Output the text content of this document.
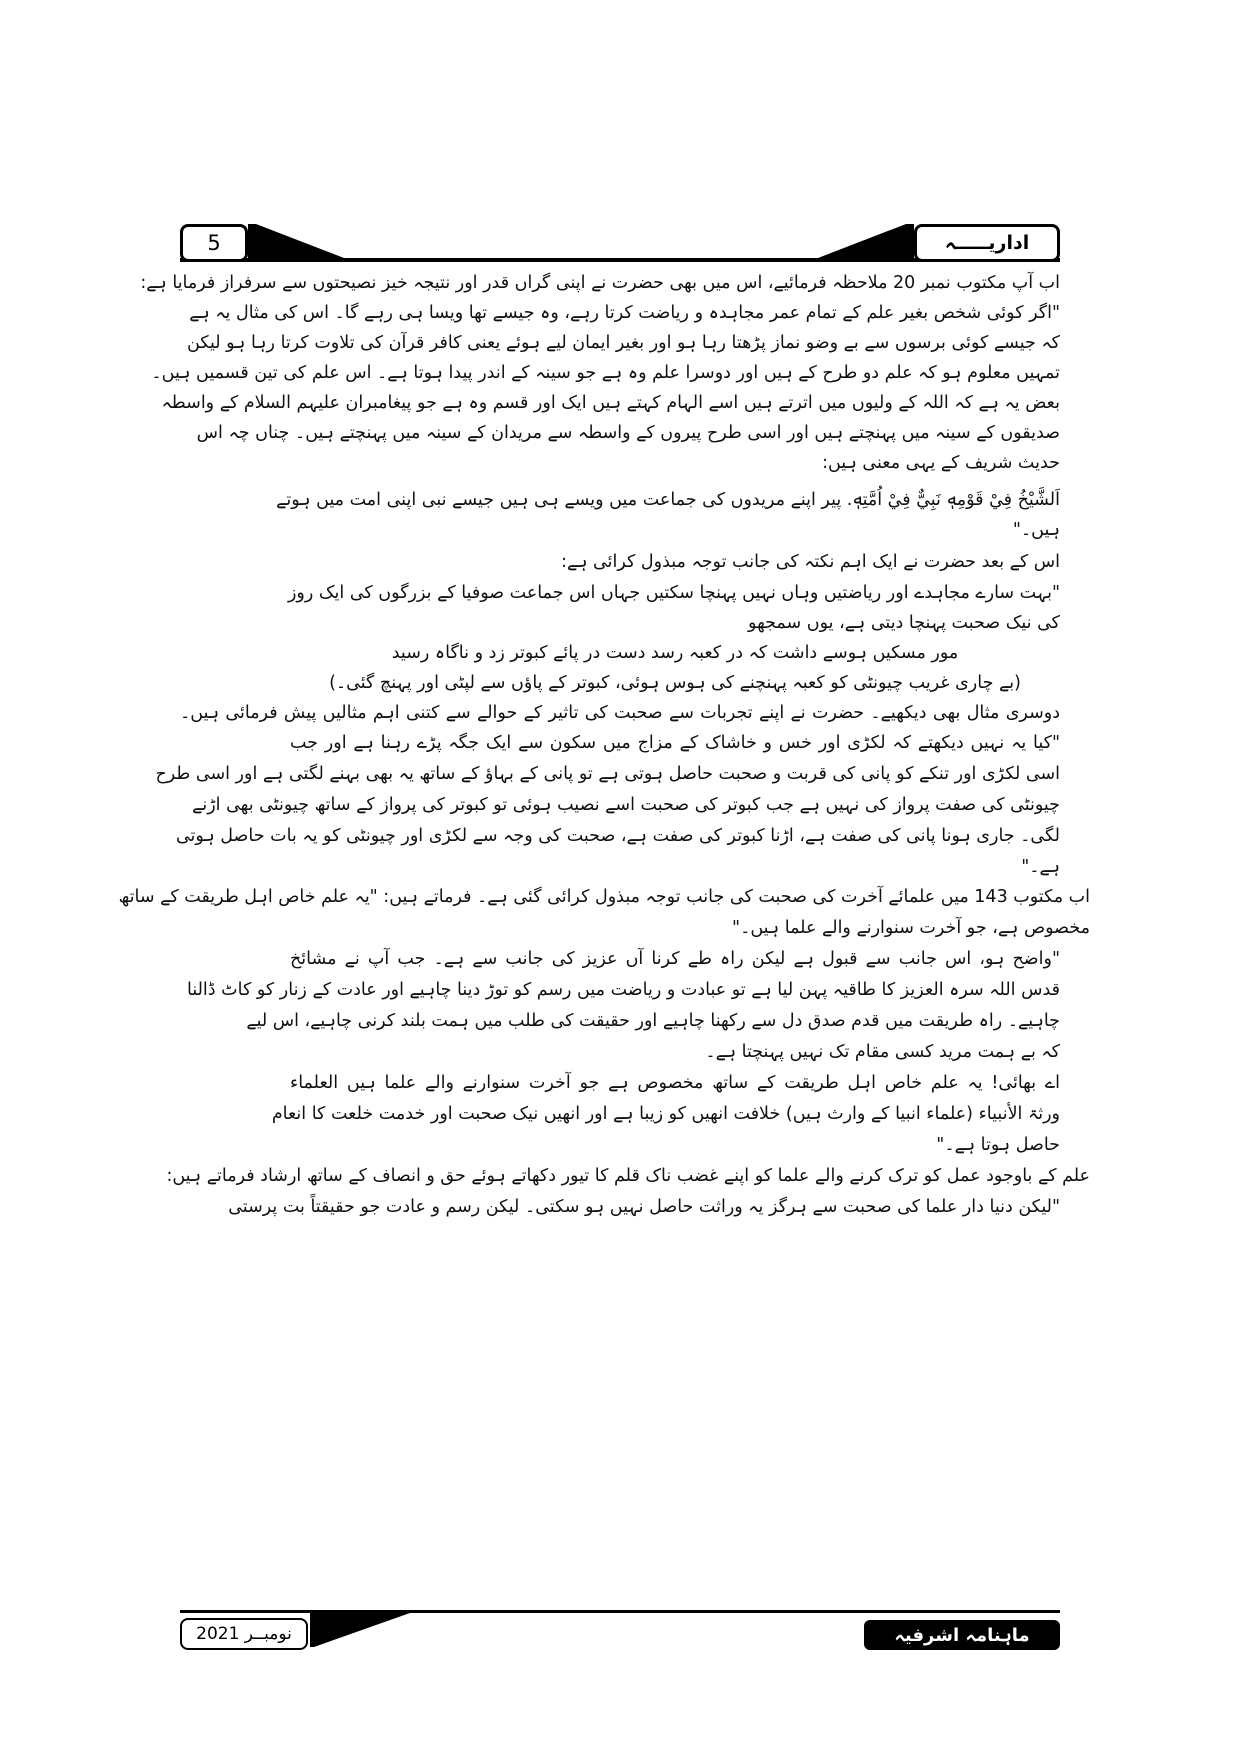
5	اداریـــــہ
اب آپ مکتوب نمبر 20 ملاحظہ فرمائیے، اس میں بھی حضرت نے اپنی گراں قدر اور نتیجہ خیز نصیحتوں سے سرفراز فرمایا ہے:
"اگر کوئی شخص بغیر علم کے تمام عمر مجاہدہ و ریاضت کرتا رہے، وہ جیسے تھا ویسا ہی رہے گا۔ اس کی مثال یہ ہے
کہ جیسے کوئی برسوں سے بے وضو نماز پڑھتا رہا ہو اور بغیر ایمان لیے ہوئے یعنی کافر قرآن کی تلاوت کرتا رہا ہو لیکن
تمہیں معلوم ہو کہ علم دو طرح کے ہیں اور دوسرا علم وہ ہے جو سینہ کے اندر پیدا ہوتا ہے۔ اس علم کی تین قسمیں ہیں۔
بعض یہ ہے کہ اللہ کے ولیوں میں اترتے ہیں اسے الہام کہتے ہیں ایک اور قسم وہ ہے جو پیغامبران علیہم السلام کے واسطہ
صدیقوں کے سینہ میں پہنچتے ہیں اور اسی طرح پیروں کے واسطہ سے مریدان کے سینہ میں پہنچتے ہیں۔ چناں چہ اس
حدیث شریف کے یہی معنی ہیں:
اَلشَّيْخُ فِيْ قَوْمِهٖ نَبِيٌّ فِيْ اُمَّتِهٖ. پیر اپنے مریدوں کی جماعت میں ویسے ہی ہیں جیسے نبی اپنی امت میں ہوتے
ہیں۔"
اس کے بعد حضرت نے ایک اہم نکتہ کی جانب توجہ مبذول کرائی ہے:
"بہت سارے مجاہدے اور ریاضتیں وہاں نہیں پہنچا سکتیں جہاں اس جماعت صوفیا کے بزرگوں کی ایک روز
کی نیک صحبت پہنچا دیتی ہے، یوں سمجھو
مور مسکیں ہوسے داشت کہ در کعبہ رسد دست در پائے کبوتر زد و ناگاہ رسید
(بے چاری غریب چیونٹی کو کعبہ پہنچنے کی ہوس ہوئی، کبوتر کے پاؤں سے لپٹی اور پہنچ گئی۔)
دوسری مثال بھی دیکھیے۔ حضرت نے اپنے تجربات سے صحبت کی تاثیر کے حوالے سے کتنی اہم مثالیں پیش فرمائی ہیں۔
"کیا یہ نہیں دیکھتے کہ لکڑی اور خس و خاشاک کے مزاج میں سکون سے ایک جگہ پڑے رہنا ہے اور جب
اسی لکڑی اور تنکے کو پانی کی قربت و صحبت حاصل ہوتی ہے تو پانی کے بہاؤ کے ساتھ یہ بھی بہنے لگتی ہے اور اسی طرح
چیونٹی کی صفت پرواز کی نہیں ہے جب کبوتر کی صحبت اسے نصیب ہوئی تو کبوتر کی پرواز کے ساتھ چیونٹی بھی اڑنے
لگی۔ جاری ہونا پانی کی صفت ہے، اڑنا کبوتر کی صفت ہے، صحبت کی وجہ سے لکڑی اور چیونٹی کو یہ بات حاصل ہوتی
ہے۔"
اب مکتوب 143 میں علمائے آخرت کی صحبت کی جانب توجہ مبذول کرائی گئی ہے۔ فرماتے ہیں: "یہ علم خاص اہل طریقت کے ساتھ
مخصوص ہے، جو آخرت سنوارنے والے علما ہیں۔"
"واضح ہو، اس جانب سے قبول ہے لیکن راہ طے کرنا آں عزیز کی جانب سے ہے۔ جب آپ نے مشائخ
قدس اللہ سرہ العزیز کا طاقیہ پہن لیا ہے تو عبادت و ریاضت میں رسم کو توڑ دینا چاہیے اور عادت کے زنار کو کاٹ ڈالنا
چاہیے۔ راہ طریقت میں قدم صدق دل سے رکھنا چاہیے اور حقیقت کی طلب میں ہمت بلند کرنی چاہیے، اس لیے
کہ بے ہمت مرید کسی مقام تک نہیں پہنچتا ہے۔
اے بھائی! یہ علم خاص اہل طریقت کے ساتھ مخصوص ہے جو آخرت سنوارنے والے علما ہیں العلماء
ورثۃ الأنبیاء (علماء انبیا کے وارث ہیں) خلافت انھیں کو زیبا ہے اور انھیں نیک صحبت اور خدمت خلعت کا انعام
حاصل ہوتا ہے۔"
علم کے باوجود عمل کو ترک کرنے والے علما کو اپنے غضب ناک قلم کا تیور دکھاتے ہوئے حق و انصاف کے ساتھ ارشاد فرماتے ہیں:
"لیکن دنیا دار علما کی صحبت سے ہرگز یہ وراثت حاصل نہیں ہو سکتی۔ لیکن رسم و عادت جو حقیقتاً بت پرستی
نومبــر 2021	ماہنامہ اشرفیہ
